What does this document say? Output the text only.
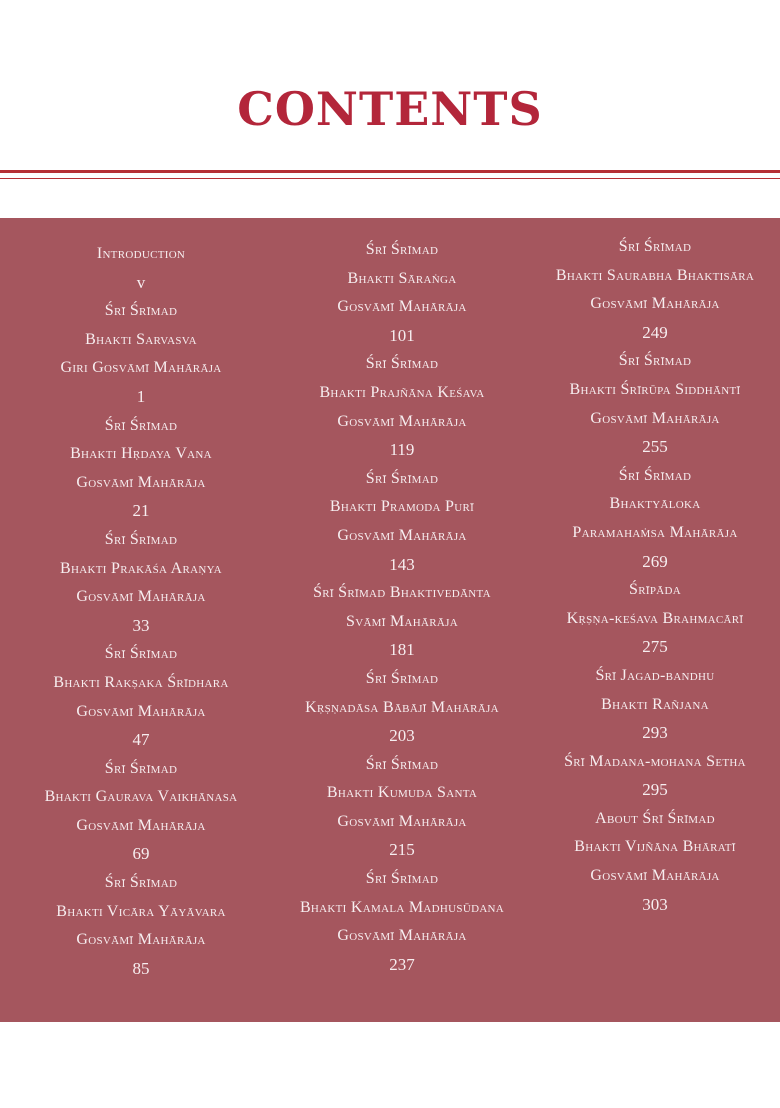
CONTENTS
Introduction
v
Śrī Śrīmad
Bhakti Sarvasva
Giri Gosvāmī Mahārāja
1
Śrī Śrīmad
Bhakti Hṛdaya Vana
Gosvāmī Mahārāja
21
Śrī Śrīmad
Bhakti Prakāśa Araṇya
Gosvāmī Mahārāja
33
Śrī Śrīmad
Bhakti Rakṣaka Śrīdhara
Gosvāmī Mahārāja
47
Śrī Śrīmad
Bhakti Gaurava Vaikhānasa
Gosvāmī Mahārāja
69
Śrī Śrīmad
Bhakti Vicāra Yāyāvara
Gosvāmī Mahārāja
85
Śrī Śrīmad
Bhakti Sāraṅga
Gosvāmī Mahārāja
101
Śrī Śrīmad
Bhakti Prajñāna Keśava
Gosvāmī Mahārāja
119
Śrī Śrīmad
Bhakti Pramoda Purī
Gosvāmī Mahārāja
143
Śrī Śrīmad Bhaktivedānta
Svāmī Mahārāja
181
Śrī Śrīmad
Kṛṣṇadāsa Bābājī Mahārāja
203
Śrī Śrīmad
Bhakti Kumuda Santa
Gosvāmī Mahārāja
215
Śrī Śrīmad
Bhakti Kamala Madhusūdana
Gosvāmī Mahārāja
237
Śrī Śrīmad
Bhakti Saurabha Bhaktisāra
Gosvāmī Mahārāja
249
Śrī Śrīmad
Bhakti Śrīrūpa Siddhāntī
Gosvāmī Mahārāja
255
Śrī Śrīmad
Bhaktyāloka
Paramahaṁsa Mahārāja
269
Śrīpāda
Kṛṣṇa-keśava Brahmacārī
275
Śrī Jagad-bandhu
Bhakti Rañjana
293
Śrī Madana-mohana Setha
295
About Śrī Śrīmad
Bhakti Vijñāna Bhāratī
Gosvāmī Mahārāja
303
